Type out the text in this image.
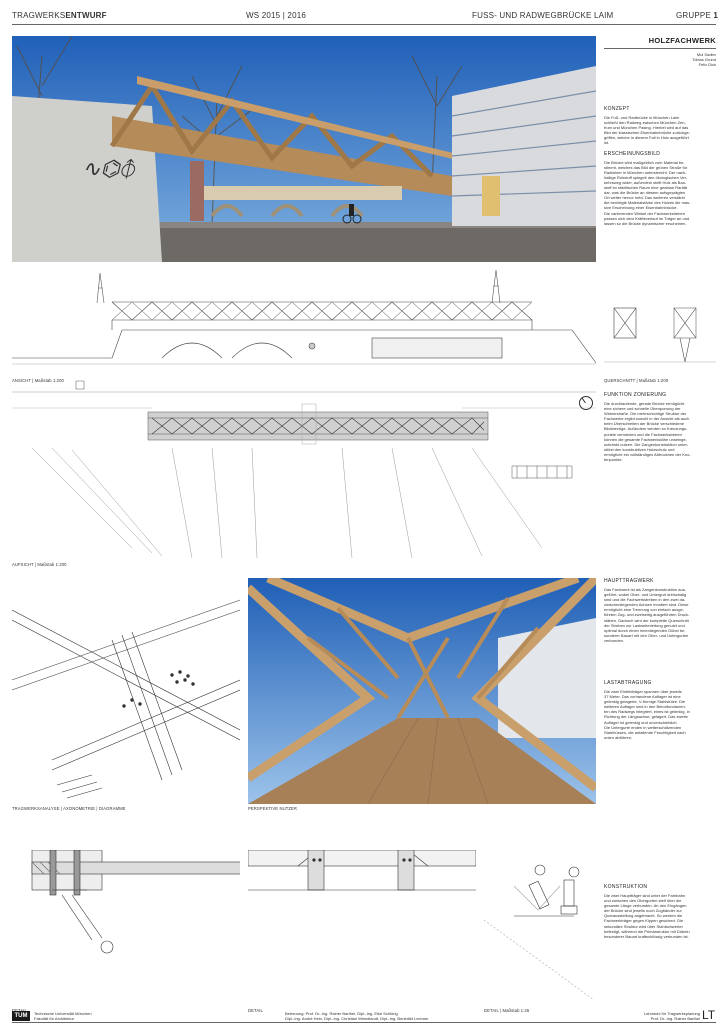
TRAGWERKSENTWURF	WS 2015 | 2016	FUSS- UND RADWEGBRÜCKE LAIM	GRUPPE 1
∿⌬⦽
HOLZFACHWERK
Mui Sadler
Tobias Grund
Felix Dick
KONZEPT
Die Fuß- und Radbrücke in München Laim
schließt den Radweg zwischen München Zen-
trum und München Pasing. Hierbei wird auf das
Bild der klassischen Eisenbahnbrücke zurückge-
griffen, welche in diesem Fall in Holz ausgeführt
ist.
ERSCHEINUNGSBILD
Die Brücke wird maßgeblich vom Material be-
stimmt, welches das Bild der grünen Straße für
Radfahrer in München unterstreicht. Der nach-
haltige Rohstoff spiegelt den ökologischen Ver-
kehrsweg wider, außerdem stellt Holz als Bau-
stoff im städtischen Raum eine gewisse Rarität
dar, was die Brücke an diesem aufsgeprägten
Ort weiter hervor hebt. Das weiteren verstärkt
die benötigte Materialstärke des Holzes die mas-
sive Erscheinung einer Eisenbahnbrücke.
Die variierenden Winkel der Fachwerkstreben
passen sich dem Kräfteverlauf im Träger an und
lassen so die Brücke dynamischer erscheinen.
ANSICHT | Maßstab 1:200	QUERSCHNITT | Maßstab 1:200
AUFSICHT | Maßstab 1:200
FUNKTION ZONIERUNG
Die durchlaufende, gerade Brücke ermöglicht
eine sichere und schnelle Überquerung der
Widnerstraße. Die mehrschichtige Struktur der
Fachwerke ergibt sowohl in der Ansicht als auch
beim Überschreiten der Brücke verschiedene
Blickbezüge. Außerdem werden so Kreuzungs-
punkte vermieden und die Fachwerkstreben
können die gesamte Fachwerkstöhe unseinge-
schränkt nutzen. Die Zangenkonstruktion unter-
stützt den konstruktiven Holzschutz und
ermöglicht ein vollständiges Abtrocknen der Kno-
tenpunkte.
TRAGWERKSANALYSE | AXONOMETRIE | DIAGRAMME	PERSPEKTIVE NUTZER
HAUPTTRAGWERK
Das Fachwerk ist als Zangenkonstruktion aus-
geführt, wobei Ober- und Untergurt dreischalig
sind und die Fachwerkstreben in den zwei da-
zwischenliegenden Achsen montiert sind. Diese
ermöglicht eine Trennung von einfach ausge-
führten Zug- und zweiseitig ausgeführten Druck-
stäben. Dadurch wird der komplette Querschnitt
der Streben zur Lastweiterleitung genutzt und
optimal durch einen innenliegenden Dübel be-
sonderer Bauart mit den Ober- und Untergurten
verbunden.
LASTABTRAGUNG
Die zwei Einfeldträger spannen über jeweils
37 Meter. Das vorhandene Auflager ist eine
gelenkig gelagerte, V-förmige Stahlstütze. Die
weiteren Auflager sind in den Betonfundamen-
ten des Radwegs integriert, eines ist gelenkig, in
Richtung der Längsachse, gelagert. Das zweite
Auflager ist gelenkig und unverschieblich.
Die Untergurte enden in wetterschützenden
Stahlhüssen, die anfallende Feuchtigkeit nach
unten abführen.
DETAIL	DETAIL | Maßstab 1:25
KONSTRUKTION
Die zwei Hauptträger sind unter der Fahrbahn
und zwischen den Obergurten steif über die
gesamte Länge verbunden. An den Eingängen
der Brücke sind jeweils noch Zugbänder zur
Queraussteifung angebracht. So werden die
Fachwerkträger gegen Kippen gesichert. Die
sekundäre Struktur wird über Stahlschwerter
befestigt, während die Primärstruktur mit Dübeln
besonderer Bauart kraftschlüssig verbunden ist.
TUM	Technische Universität München
Fakultät für Architektur
Betreuung: Prof. Dr.-Ing. Rainer Barthel, Dipl.-Ing. Elke Schlörig
Dipl.-Ing. André Hein, Dipl.-Ing. Christian Weindlandt, Dipl.-Ing. Benedikt Lechner
Lehrstuhl für Tragwerksplanung
Prof. Dr.-Ing. Rainer Barthel LT
